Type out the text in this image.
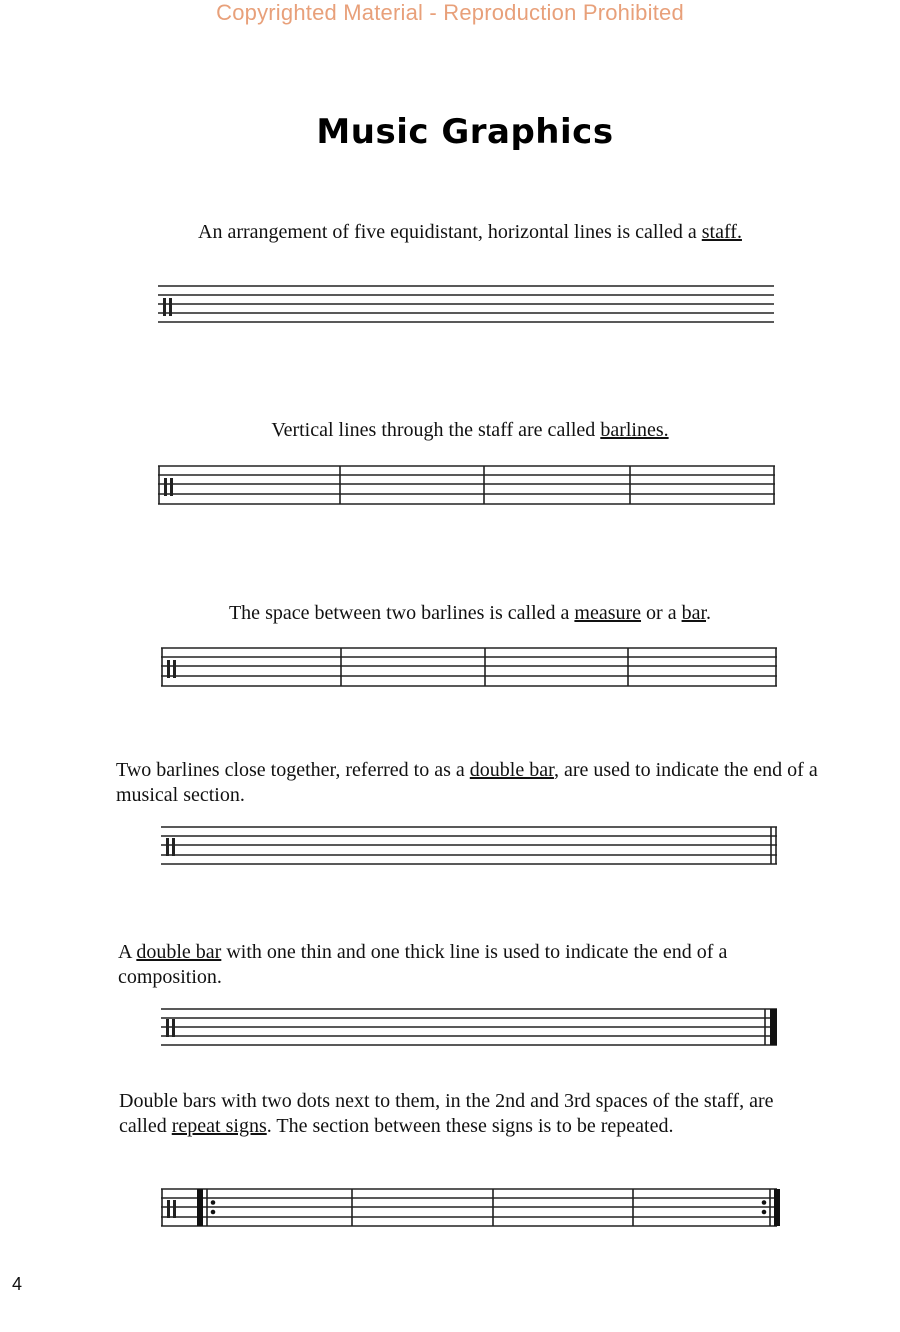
Copyrighted Material - Reproduction Prohibited
Music Graphics
An arrangement of five equidistant, horizontal lines is called a staff.
Vertical lines through the staff are called barlines.
The space between two barlines is called a measure or a bar.
Two barlines close together, referred to as a double bar, are used to indicate the end of a musical section.
A double bar with one thin and one thick line is used to indicate the end of a composition.
Double bars with two dots next to them, in the 2nd and 3rd spaces of the staff, are called repeat signs. The section between these signs is to be repeated.
4
